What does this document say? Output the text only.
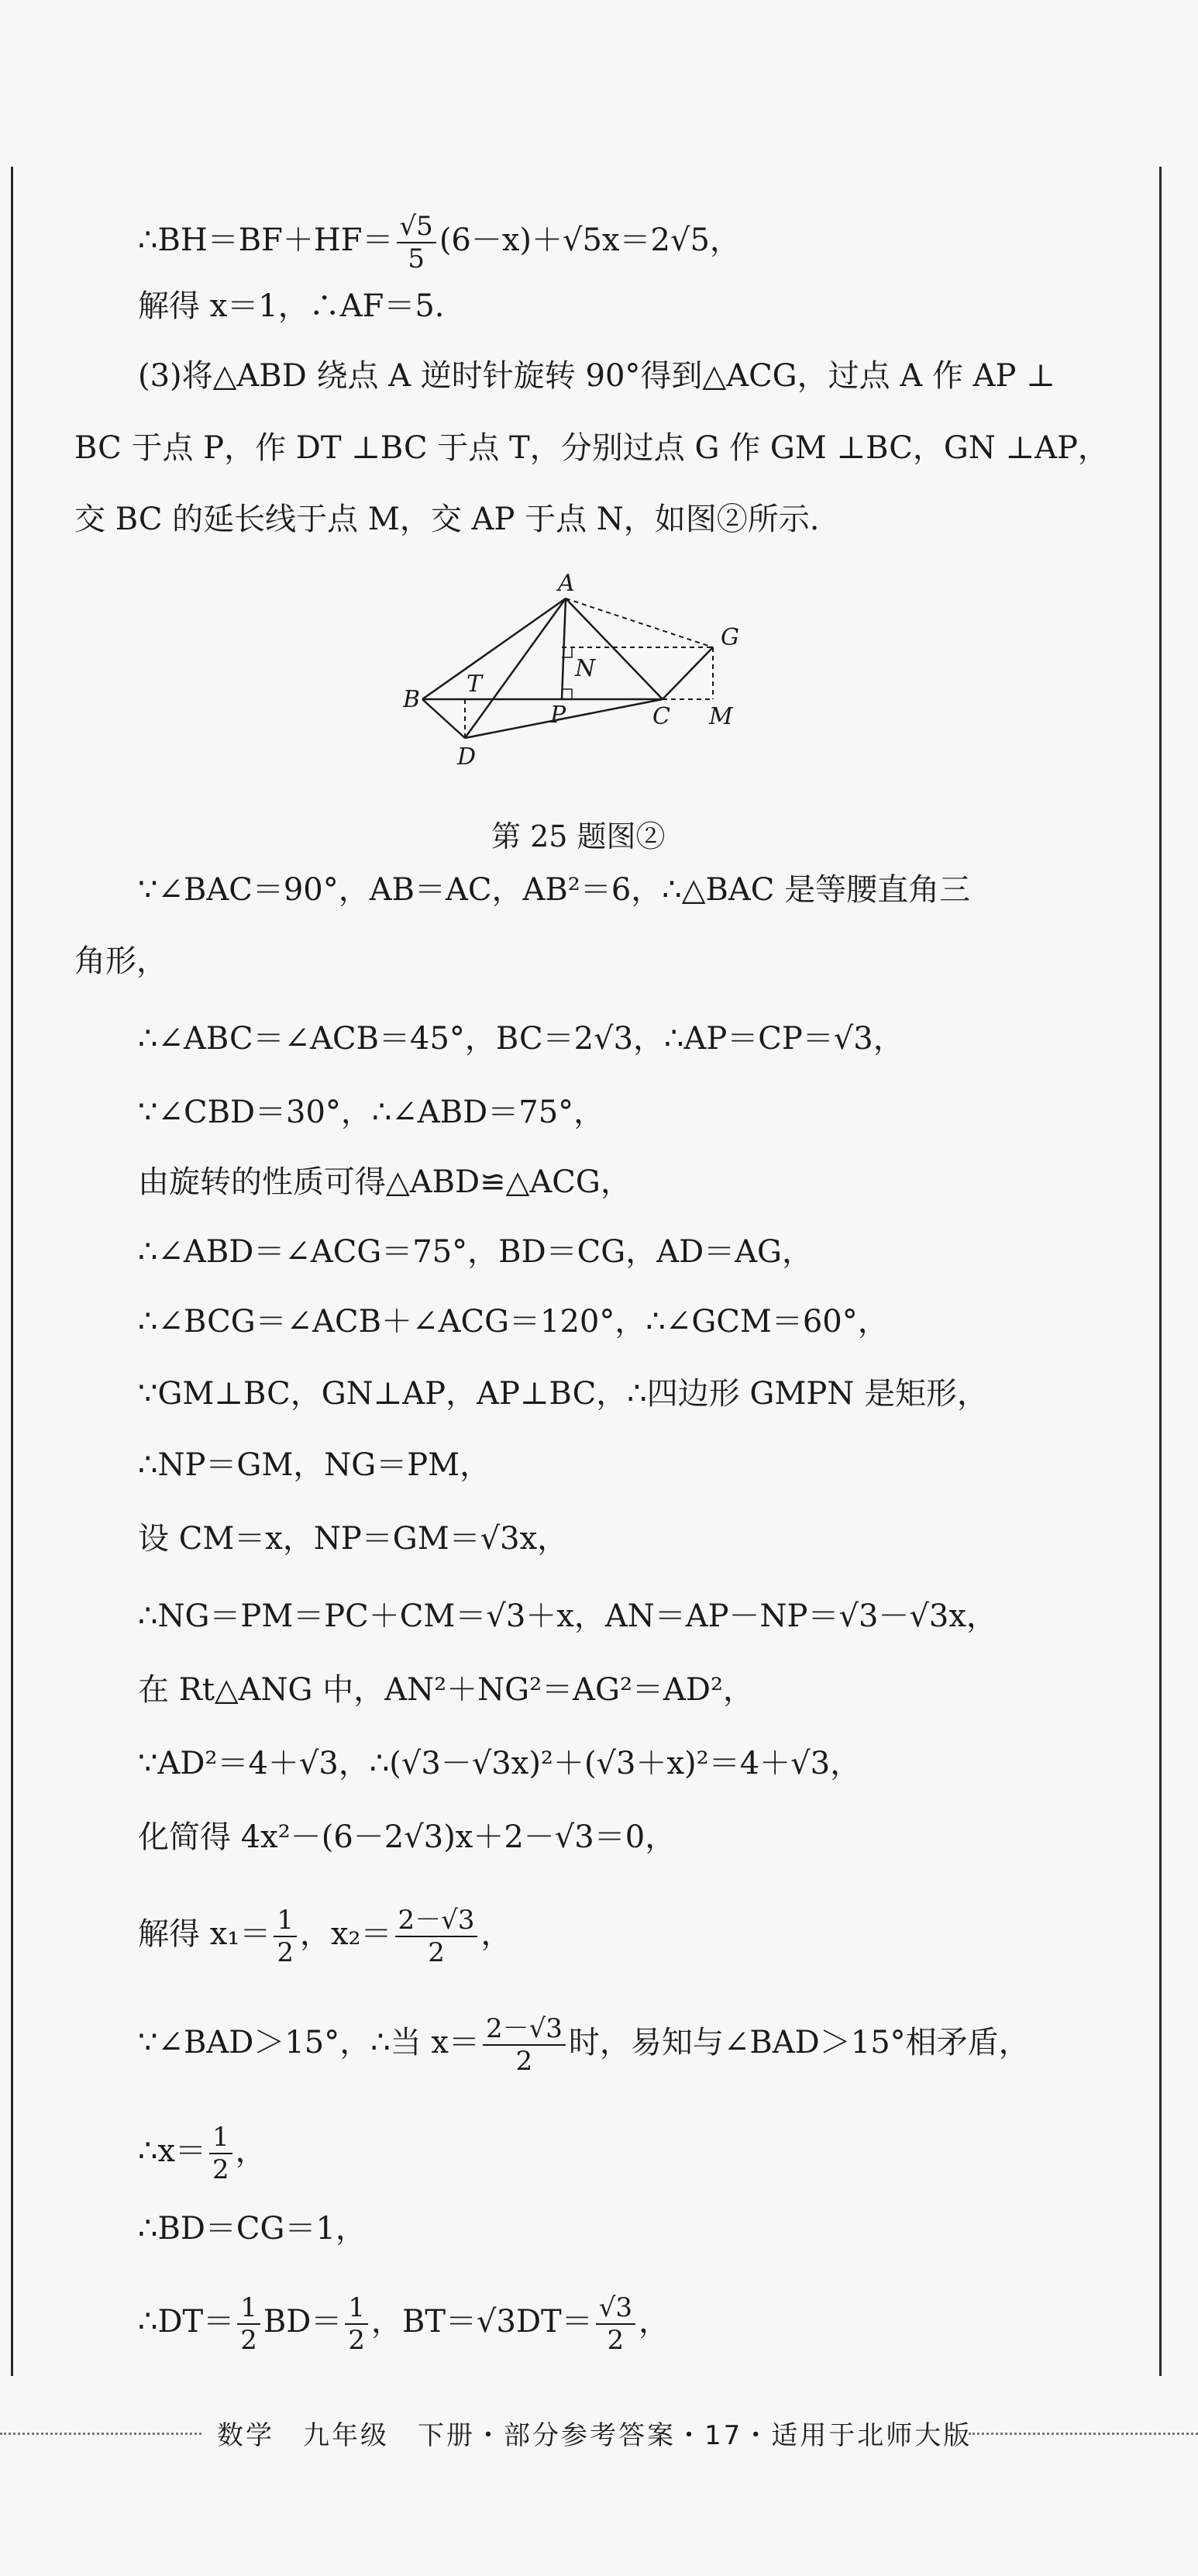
∴BH＝BF＋HF＝ $\frac{√5}{5} (6-x)+√5x=2√5$，
解得 x＝1，∴AF＝5.
(3)将△ABD 绕点 A 逆时针旋转 90°得到△ACG，过点 A 作 AP ⊥
BC 于点 P，作 DT ⊥BC 于点 T，分别过点 G 作 GM ⊥BC，GN ⊥AP，
交 BC 的延长线于点 M，交 AP 于点 N，如图②所示.
∵∠BAC＝90°，AB＝AC，AB²＝6，∴△BAC 是等腰直角三
角形，
∴∠ABC＝∠ACB＝45°，BC＝2√3，∴AP＝CP＝√3，
∵∠CBD＝30°，∴∠ABD＝75°，
由旋转的性质可得△ABD≌△ACG，
∴∠ABD＝∠ACG＝75°，BD＝CG，AD＝AG，
∴∠BCG＝∠ACB＋∠ACG＝120°，∴∠GCM＝60°，
∵GM⊥BC，GN⊥AP，AP⊥BC，∴四边形 GMPN 是矩形，
∴NP＝GM，NG＝PM，
设 CM＝x，NP＝GM＝√3x，
∴NG＝PM＝PC＋CM＝√3＋x，AN＝AP－NP＝√3－√3x，
在 Rt△ANG 中，AN²＋NG²＝AG²＝AD²，
∵AD²＝4＋√3，∴(√3－√3x)²＋(√3＋x)²＝4＋√3，
化简得 4x²－(6－2√3)x＋2－√3＝0，
解得 $x_1= \frac{1}{2}$ ，$x_2= \frac{2-√3}{2}$ ，
∵∠BAD＞15°，∴当 $x= \frac{2-√3}{2}$ 时，易知与∠BAD＞15°相矛盾，
∴x＝ $\frac{1}{2}$ ，
∴BD＝CG＝1，
∴DT＝ $\frac{1}{2} BD= \frac{1}{2}$ ，$BT=√3DT= \frac{√3}{2}$ ，
A
B
C
D
G
M
N
P
T
第 25 题图②
数学　九年级　下册・部分参考答案・17・适用于北师大版
